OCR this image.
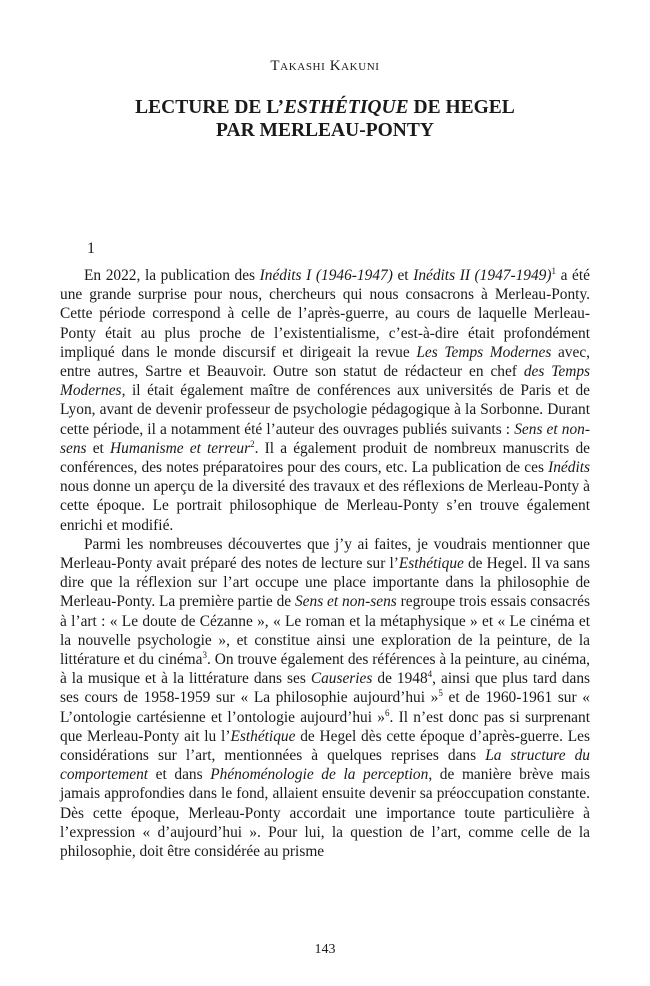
Takashi Kakuni
LECTURE DE L’ESTHÉTIQUE DE HEGEL
PAR MERLEAU-PONTY
1

En 2022, la publication des Inédits I (1946-1947) et Inédits II (1947-1949)$^1$ a été une grande surprise pour nous, chercheurs qui nous consacrons à Merleau-Ponty. Cette période correspond à celle de l’après-guerre, au cours de laquelle Merleau-Ponty était au plus proche de l’existentialisme, c’est-à-dire était profondément impliqué dans le monde discursif et dirigeait la revue Les Temps Modernes avec, entre autres, Sartre et Beauvoir. Outre son statut de rédacteur en chef des Temps Modernes, il était également maître de conférences aux universités de Paris et de Lyon, avant de devenir professeur de psychologie pédagogique à la Sorbonne. Durant cette période, il a notamment été l’auteur des ouvrages publiés suivants : Sens et non-sens et Humanisme et terreur$^2$. Il a également produit de nombreux manuscrits de conférences, des notes préparatoires pour des cours, etc. La publication de ces Inédits nous donne un aperçu de la diversité des travaux et des réflexions de Merleau-Ponty à cette époque. Le portrait philosophique de Merleau-Ponty s’en trouve également enrichi et modifié.

Parmi les nombreuses découvertes que j’y ai faites, je voudrais mentionner que Merleau-Ponty avait préparé des notes de lecture sur l’Esthétique de Hegel. Il va sans dire que la réflexion sur l’art occupe une place importante dans la philosophie de Merleau-Ponty. La première partie de Sens et non-sens regroupe trois essais consacrés à l’art : « Le doute de Cézanne », « Le roman et la métaphysique » et « Le cinéma et la nouvelle psychologie », et constitue ainsi une exploration de la peinture, de la littérature et du cinéma$^3$. On trouve également des références à la peinture, au cinéma, à la musique et à la littérature dans ses Causeries de 1948$^4$, ainsi que plus tard dans ses cours de 1958-1959 sur « La philosophie aujourd’hui »$^5$ et de 1960-1961 sur « L’ontologie cartésienne et l’ontologie aujourd’hui »$^6$. Il n’est donc pas si surprenant que Merleau-Ponty ait lu l’Esthétique de Hegel dès cette époque d’après-guerre. Les considérations sur l’art, mentionnées à quelques reprises dans La structure du comportement et dans Phénoménologie de la perception, de manière brève mais jamais approfondies dans le fond, allaient ensuite devenir sa préoccupation constante. Dès cette époque, Merleau-Ponty accordait une importance toute particulière à l’expression « d’aujourd’hui ». Pour lui, la question de l’art, comme celle de la philosophie, doit être considérée au prisme

143
